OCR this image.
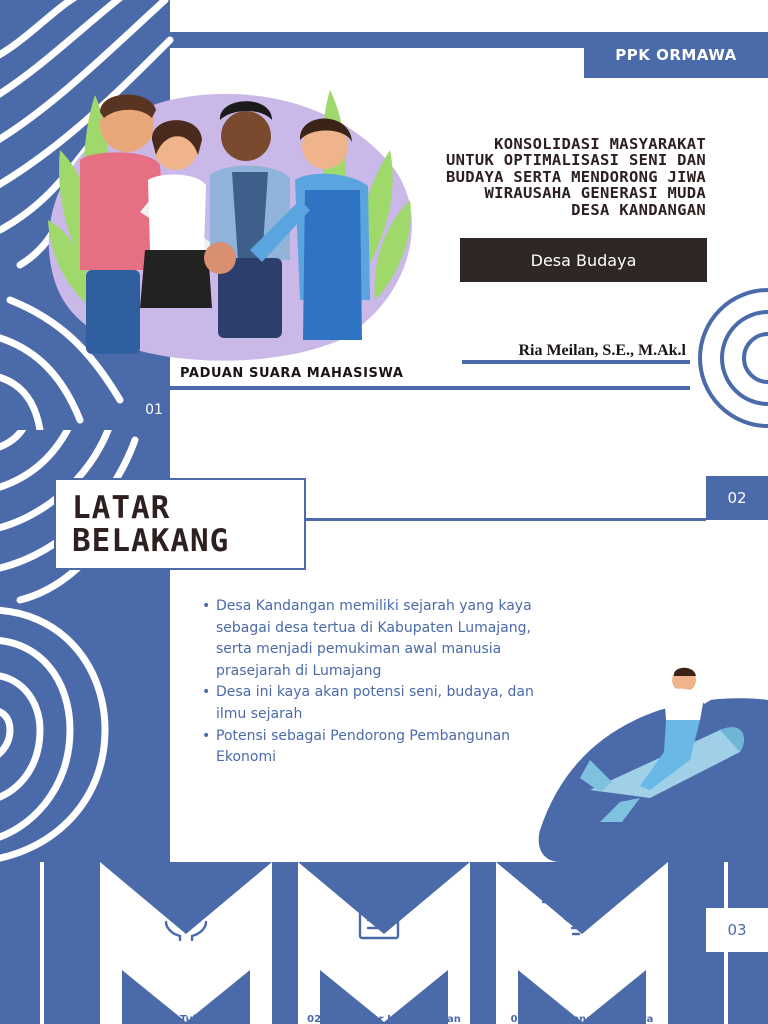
PPK ORMAWA
KONSOLIDASI MASYARAKAT
UNTUK OPTIMALISASI SENI DAN
BUDAYA SERTA MENDORONG JIWA
WIRAUSAHA GENERASI MUDA
DESA KANDANGAN
Desa Budaya
Ria Meilan, S.E., M.Ak.l
PADUAN SUARA MAHASISWA
01
LATAR
BELAKANG
02
• Desa Kandangan memiliki sejarah yang kaya sebagai desa tertua di Kabupaten Lumajang, serta menjadi pemukiman awal manusia prasejarah di Lumajang
• Desa ini kaya akan potensi seni, budaya, dan ilmu sejarah
• Potensi sebagai Pendorong Pembangunan Ekonomi
03
01 - Tujuan	02 - Indikator Keberhasilan	03 - Cara Pengukurannya
